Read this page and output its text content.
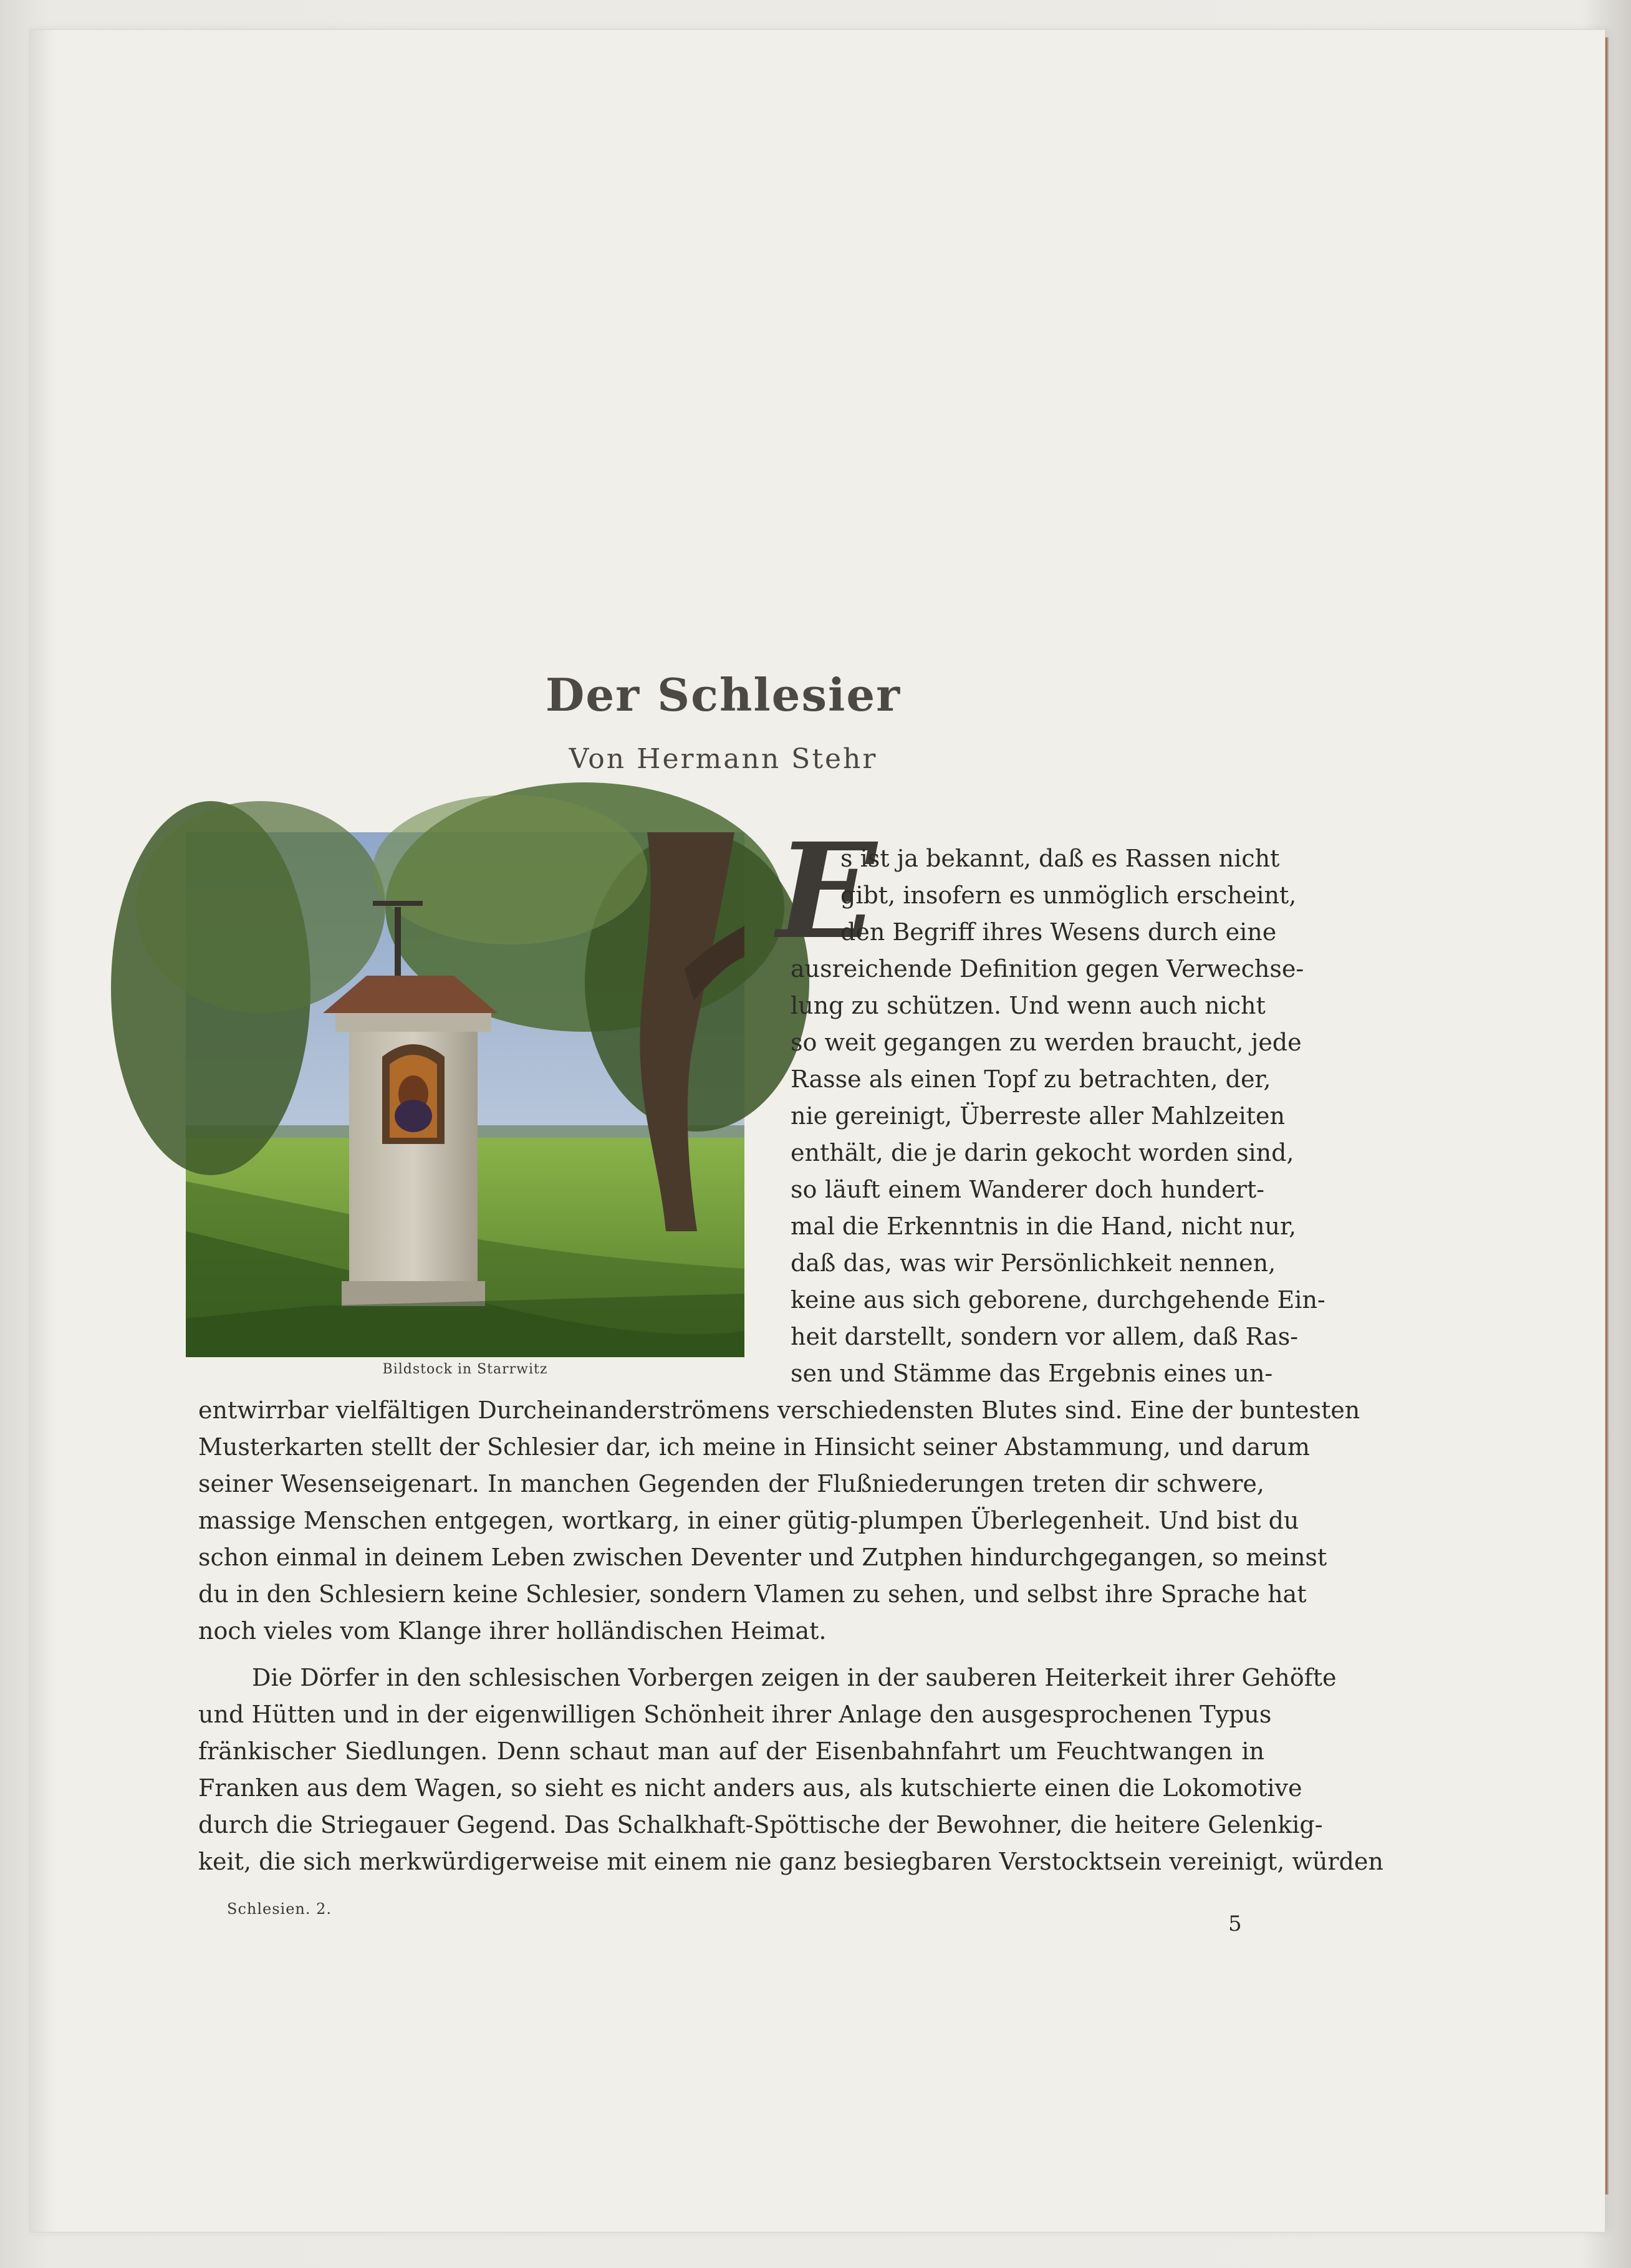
Der Schlesier
Von Hermann Stehr
Bildstock in Starrwitz
E
s ist ja bekannt, daß es Rassen nicht
gibt, insofern es unmöglich erscheint,
den Begriff ihres Wesens durch eine
ausreichende Definition gegen Verwechse-
lung zu schützen. Und wenn auch nicht
so weit gegangen zu werden braucht, jede
Rasse als einen Topf zu betrachten, der,
nie gereinigt, Überreste aller Mahlzeiten
enthält, die je darin gekocht worden sind,
so läuft einem Wanderer doch hundert-
mal die Erkenntnis in die Hand, nicht nur,
daß das, was wir Persönlichkeit nennen,
keine aus sich geborene, durchgehende Ein-
heit darstellt, sondern vor allem, daß Ras-
sen und Stämme das Ergebnis eines un-
entwirrbar vielfältigen Durcheinanderströmens verschiedensten Blutes sind. Eine der buntesten
Musterkarten stellt der Schlesier dar, ich meine in Hinsicht seiner Abstammung, und darum
seiner Wesenseigenart. In manchen Gegenden der Flußniederungen treten dir schwere,
massige Menschen entgegen, wortkarg, in einer gütig-plumpen Überlegenheit. Und bist du
schon einmal in deinem Leben zwischen Deventer und Zutphen hindurchgegangen, so meinst
du in den Schlesiern keine Schlesier, sondern Vlamen zu sehen, und selbst ihre Sprache hat
noch vieles vom Klange ihrer holländischen Heimat.
Die Dörfer in den schlesischen Vorbergen zeigen in der sauberen Heiterkeit ihrer Gehöfte
und Hütten und in der eigenwilligen Schönheit ihrer Anlage den ausgesprochenen Typus
fränkischer Siedlungen. Denn schaut man auf der Eisenbahnfahrt um Feuchtwangen in
Franken aus dem Wagen, so sieht es nicht anders aus, als kutschierte einen die Lokomotive
durch die Striegauer Gegend. Das Schalkhaft-Spöttische der Bewohner, die heitere Gelenkig-
keit, die sich merkwürdigerweise mit einem nie ganz besiegbaren Verstocktsein vereinigt, würden
Schlesien. 2.
5
